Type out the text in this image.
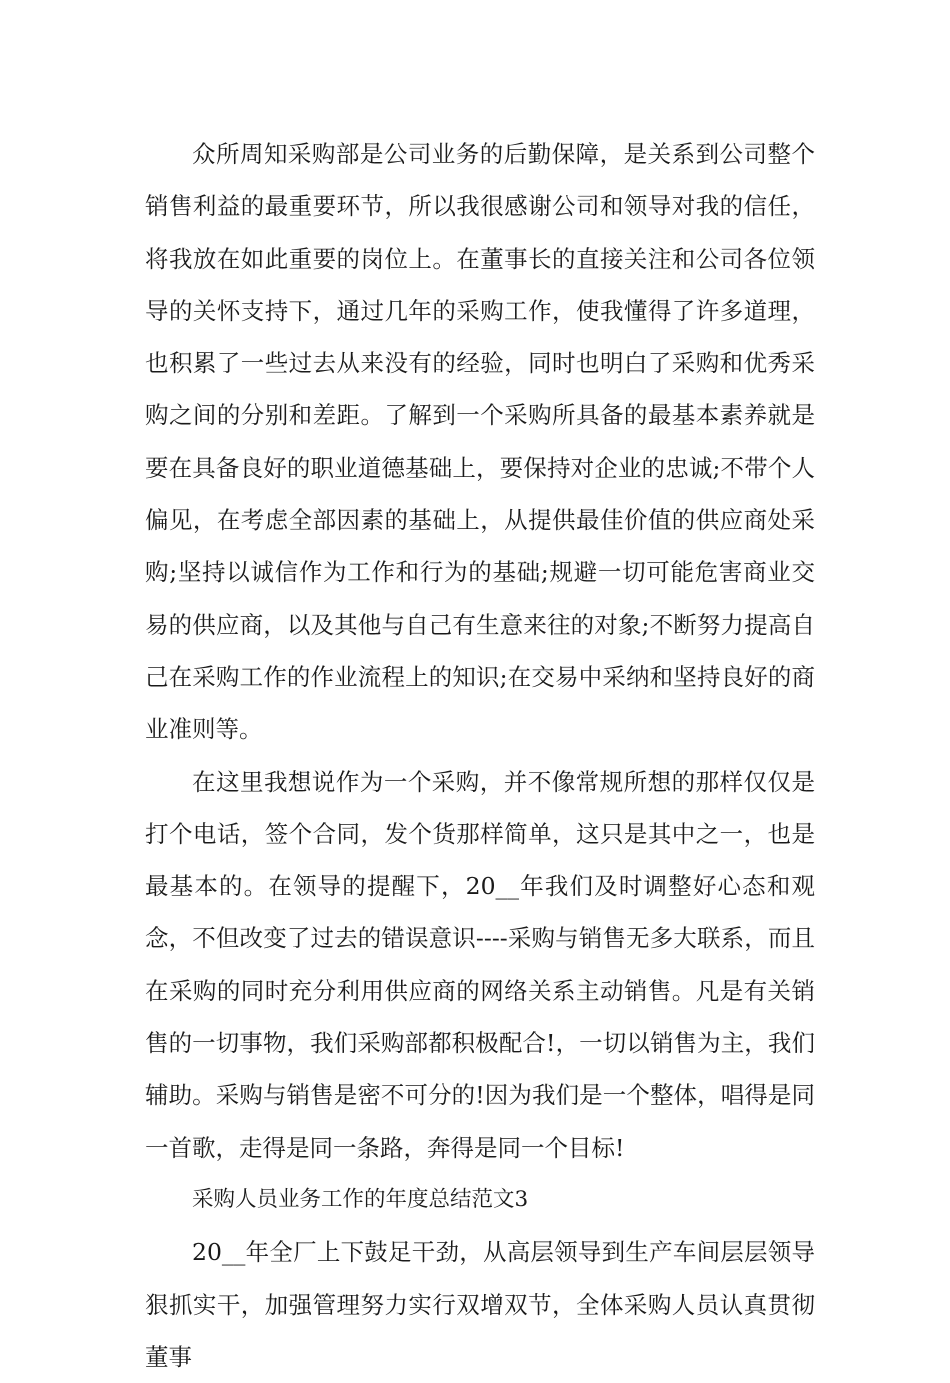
众所周知采购部是公司业务的后勤保障，是关系到公司整个销售利益的最重要环节，所以我很感谢公司和领导对我的信任，将我放在如此重要的岗位上。在董事长的直接关注和公司各位领导的关怀支持下，通过几年的采购工作，使我懂得了许多道理，也积累了一些过去从来没有的经验，同时也明白了采购和优秀采购之间的分别和差距。了解到一个采购所具备的最基本素养就是要在具备良好的职业道德基础上，要保持对企业的忠诚;不带个人偏见，在考虑全部因素的基础上，从提供最佳价值的供应商处采购;坚持以诚信作为工作和行为的基础;规避一切可能危害商业交易的供应商，以及其他与自己有生意来往的对象;不断努力提高自己在采购工作的作业流程上的知识;在交易中采纳和坚持良好的商业准则等。

在这里我想说作为一个采购，并不像常规所想的那样仅仅是打个电话，签个合同，发个货那样简单，这只是其中之一，也是最基本的。在领导的提醒下，20__年我们及时调整好心态和观念，不但改变了过去的错误意识----采购与销售无多大联系，而且在采购的同时充分利用供应商的网络关系主动销售。凡是有关销售的一切事物，我们采购部都积极配合!，一切以销售为主，我们辅助。采购与销售是密不可分的!因为我们是一个整体，唱得是同一首歌，走得是同一条路，奔得是同一个目标!

采购人员业务工作的年度总结范文3

20__年全厂上下鼓足干劲，从高层领导到生产车间层层领导狠抓实干，加强管理努力实行双增双节，全体采购人员认真贯彻董事
